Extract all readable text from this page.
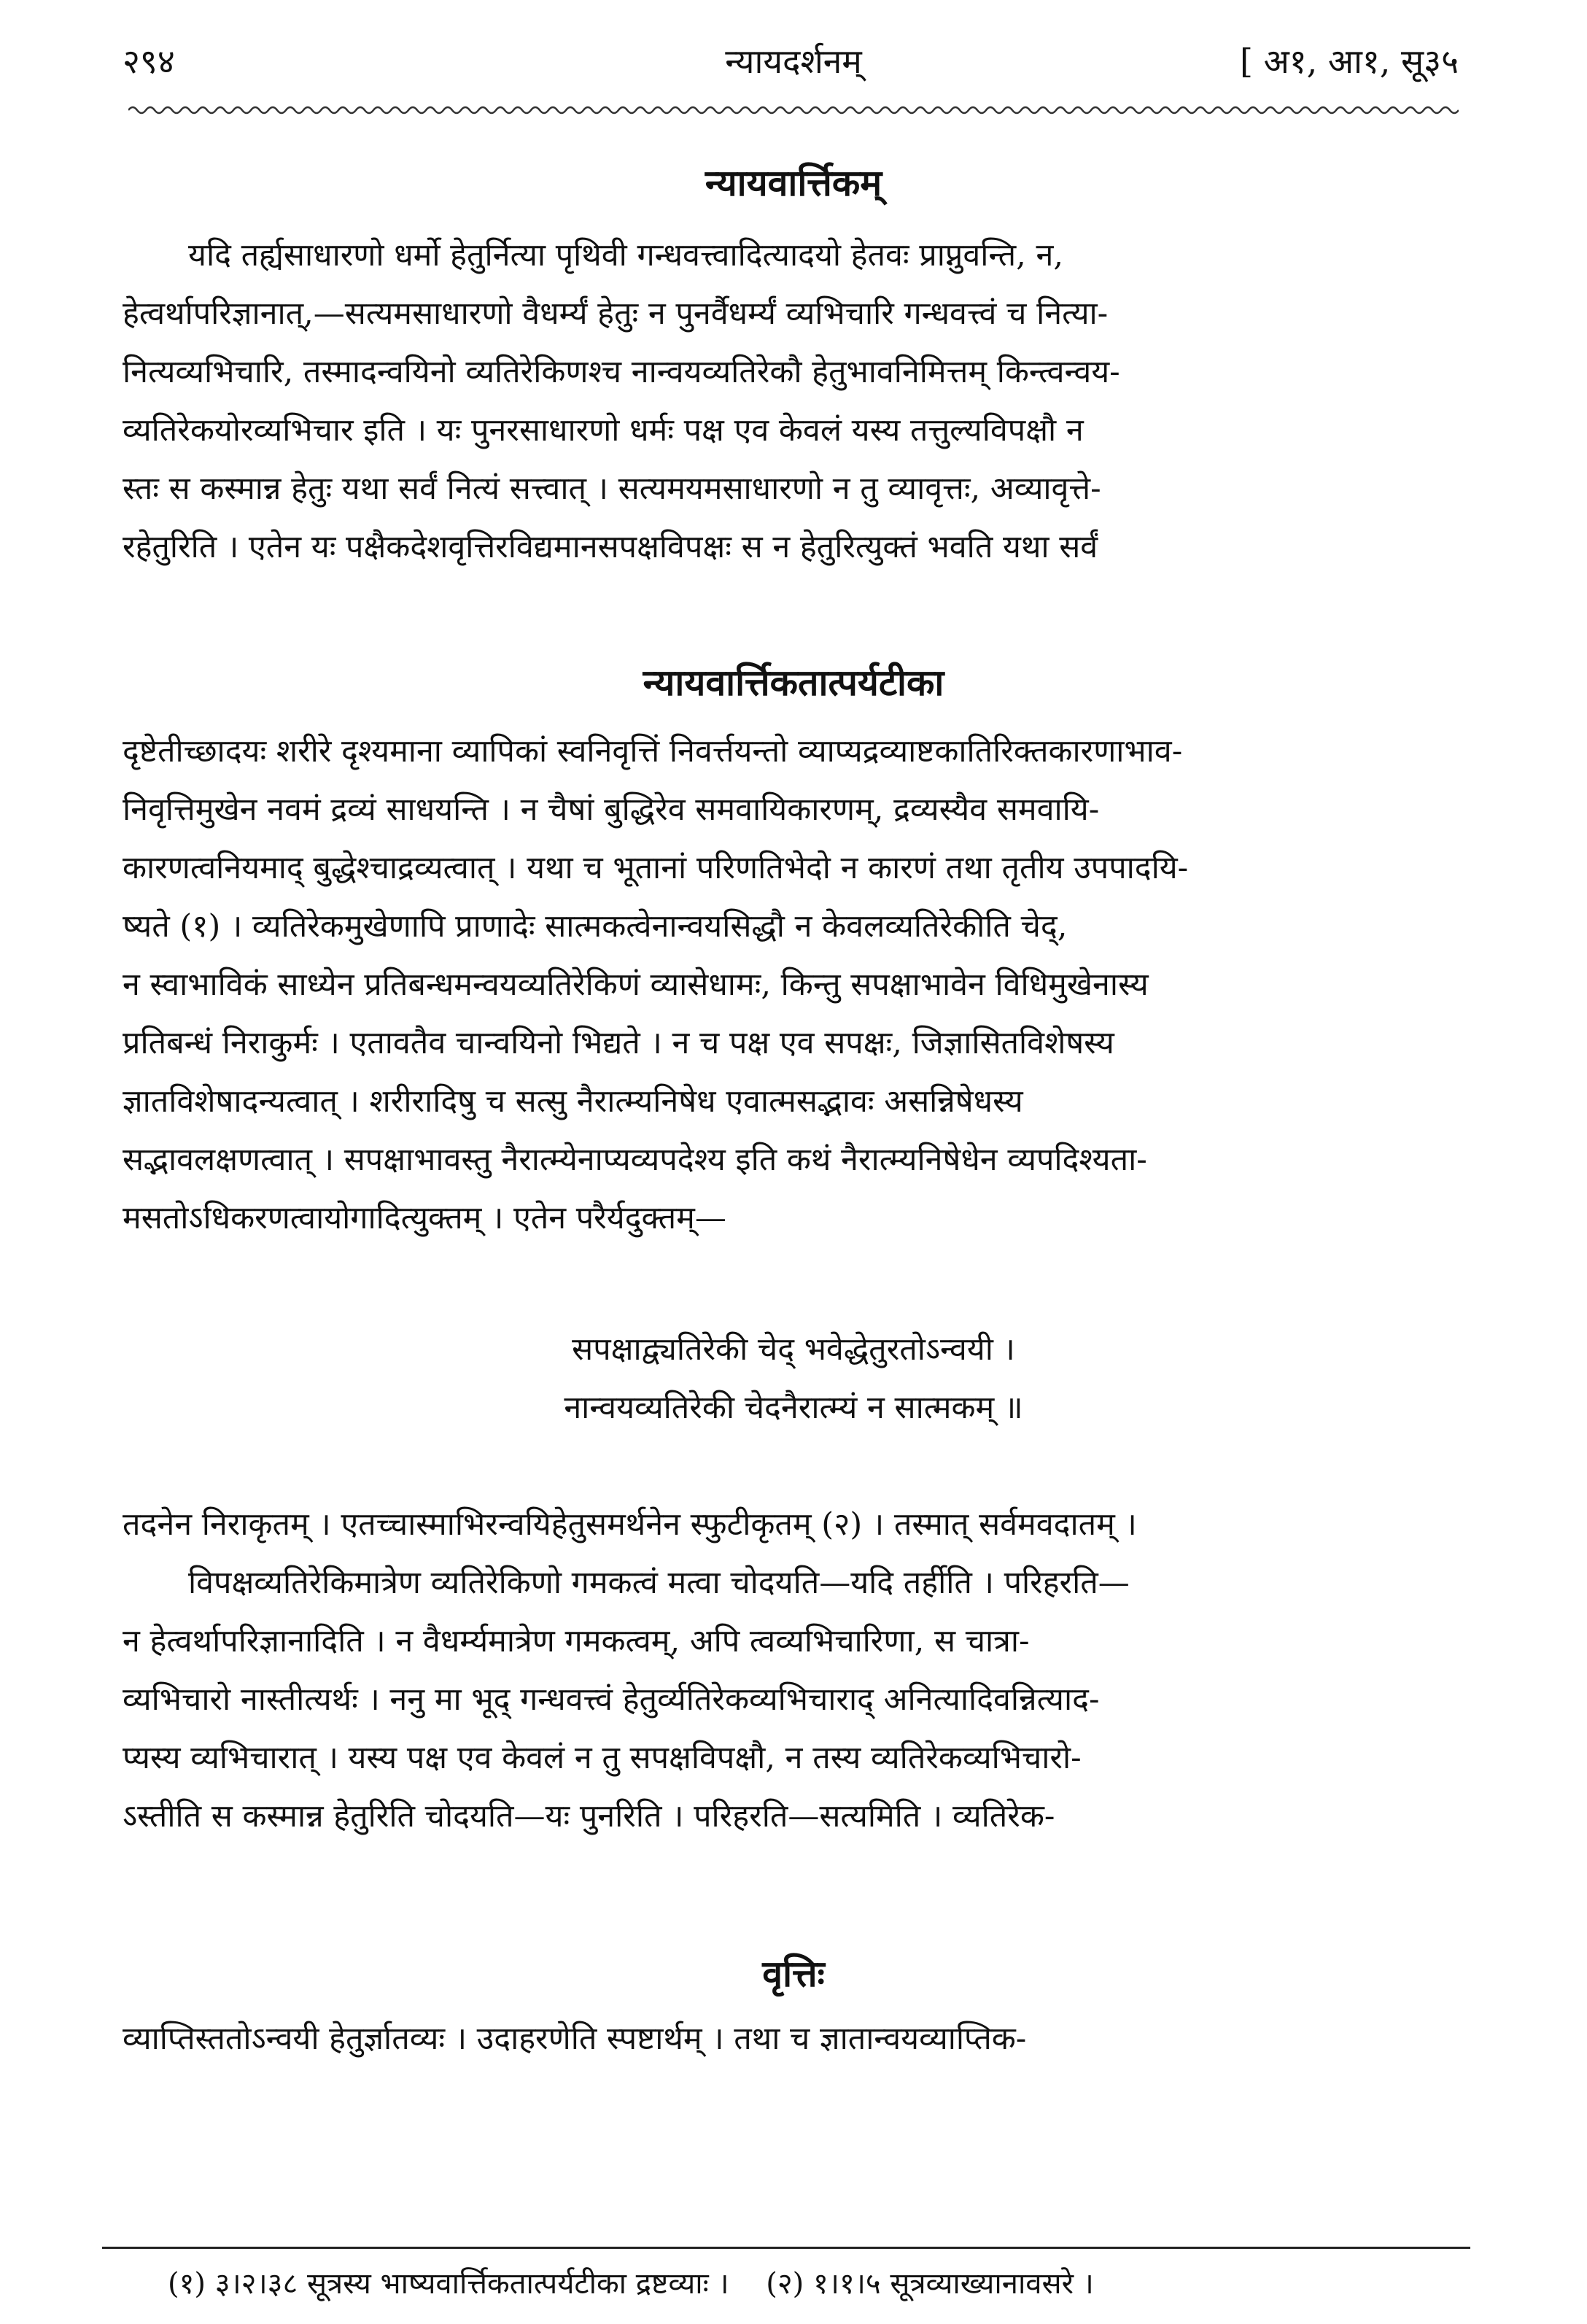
२९४	न्यायदर्शनम्	[ अ१, आ१, सू३५
न्यायवार्त्तिकम्
यदि तर्ह्यसाधारणो धर्मो हेतुर्नित्या पृथिवी गन्धवत्त्वादित्यादयो हेतवः प्राप्नुवन्ति, न,
हेत्वर्थापरिज्ञानात्,—सत्यमसाधारणो वैधर्म्यं हेतुः न पुनर्वैधर्म्यं व्यभिचारि गन्धवत्त्वं च नित्या-
नित्यव्यभिचारि, तस्मादन्वयिनो व्यतिरेकिणश्च नान्वयव्यतिरेकौ हेतुभावनिमित्तम् किन्त्वन्वय-
व्यतिरेकयोरव्यभिचार इति । यः पुनरसाधारणो धर्मः पक्ष एव केवलं यस्य तत्तुल्यविपक्षौ न
स्तः स कस्मान्न हेतुः यथा सर्वं नित्यं सत्त्वात् । सत्यमयमसाधारणो न तु व्यावृत्तः, अव्यावृत्ते-
रहेतुरिति । एतेन यः पक्षैकदेशवृत्तिरविद्यमानसपक्षविपक्षः स न हेतुरित्युक्तं भवति यथा सर्वं
न्यायवार्त्तिकतात्पर्यटीका
दृष्टेतीच्छादयः शरीरे दृश्यमाना व्यापिकां स्वनिवृत्तिं निवर्त्तयन्तो व्याप्यद्रव्याष्टकातिरिक्तकारणाभाव-
निवृत्तिमुखेन नवमं द्रव्यं साधयन्ति । न चैषां बुद्धिरेव समवायिकारणम्, द्रव्यस्यैव समवायि-
कारणत्वनियमाद् बुद्धेश्चाद्रव्यत्वात् । यथा च भूतानां परिणतिभेदो न कारणं तथा तृतीय उपपादयि-
ष्यते (१) । व्यतिरेकमुखेणापि प्राणादेः सात्मकत्वेनान्वयसिद्धौ न केवलव्यतिरेकीति चेद्,
न स्वाभाविकं साध्येन प्रतिबन्धमन्वयव्यतिरेकिणं व्यासेधामः, किन्तु सपक्षाभावेन विधिमुखेनास्य
प्रतिबन्धं निराकुर्मः । एतावतैव चान्वयिनो भिद्यते । न च पक्ष एव सपक्षः, जिज्ञासितविशेषस्य
ज्ञातविशेषादन्यत्वात् । शरीरादिषु च सत्सु नैरात्म्यनिषेध एवात्मसद्भावः असन्निषेधस्य
सद्भावलक्षणत्वात् । सपक्षाभावस्तु नैरात्म्येनाप्यव्यपदेश्य इति कथं नैरात्म्यनिषेधेन व्यपदिश्यता-
मसतोऽधिकरणत्वायोगादित्युक्तम् । एतेन परैर्यदुक्तम्—
सपक्षाद्व्यतिरेकी चेद् भवेद्धेतुरतोऽन्वयी ।
नान्वयव्यतिरेकी चेदनैरात्म्यं न सात्मकम् ॥
तदनेन निराकृतम् । एतच्चास्माभिरन्वयिहेतुसमर्थनेन स्फुटीकृतम् (२) । तस्मात् सर्वमवदातम् ।
विपक्षव्यतिरेकिमात्रेण व्यतिरेकिणो गमकत्वं मत्वा चोदयति—यदि तर्हीति । परिहरति—
न हेत्वर्थापरिज्ञानादिति । न वैधर्म्यमात्रेण गमकत्वम्, अपि त्वव्यभिचारिणा, स चात्रा-
व्यभिचारो नास्तीत्यर्थः । ननु मा भूद् गन्धवत्त्वं हेतुर्व्यतिरेकव्यभिचाराद् अनित्यादिवन्नित्याद-
प्यस्य व्यभिचारात् । यस्य पक्ष एव केवलं न तु सपक्षविपक्षौ, न तस्य व्यतिरेकव्यभिचारो-
ऽस्तीति स कस्मान्न हेतुरिति चोदयति—यः पुनरिति । परिहरति—सत्यमिति । व्यतिरेक-
वृत्तिः
व्याप्तिस्ततोऽन्वयी हेतुर्ज्ञातव्यः । उदाहरणेति स्पष्टार्थम् । तथा च ज्ञातान्वयव्याप्तिक-
(१) ३।२।३८ सूत्रस्य भाष्यवार्त्तिकतात्पर्यटीका द्रष्टव्याः । (२) १।१।५ सूत्रव्याख्यानावसरे ।
